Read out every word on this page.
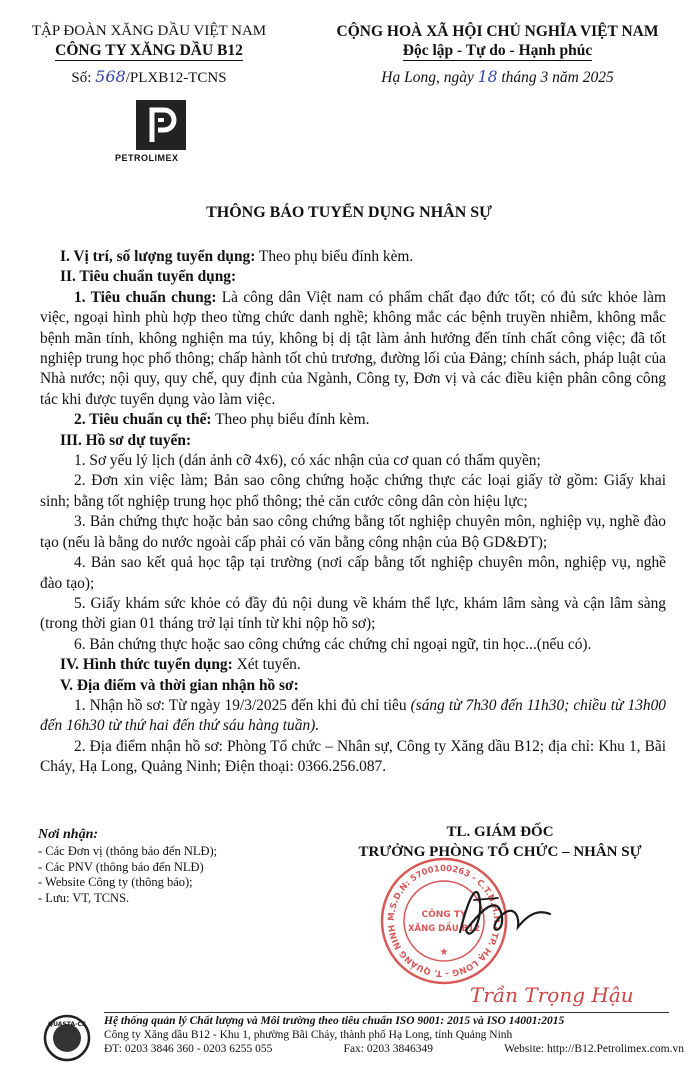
TẬP ĐOÀN XĂNG DẦU VIỆT NAM
CÔNG TY XĂNG DẦU B12
Số: 568/PLXB12-TCNS
PETROLIMEX
CỘNG HOÀ XÃ HỘI CHỦ NGHĨA VIỆT NAM
Độc lập - Tự do - Hạnh phúc
Hạ Long, ngày 18 tháng 3 năm 2025
THÔNG BÁO TUYỂN DỤNG NHÂN SỰ
I. Vị trí, số lượng tuyển dụng: Theo phụ biểu đính kèm.
II. Tiêu chuẩn tuyển dụng:
1. Tiêu chuẩn chung: Là công dân Việt nam có phẩm chất đạo đức tốt; có đủ sức khỏe làm việc, ngoại hình phù hợp theo từng chức danh nghề; không mắc các bệnh truyền nhiễm, không mắc bệnh mãn tính, không nghiện ma túy, không bị dị tật làm ảnh hưởng đến tính chất công việc; đã tốt nghiệp trung học phổ thông; chấp hành tốt chủ trương, đường lối của Đảng; chính sách, pháp luật của Nhà nước; nội quy, quy chế, quy định của Ngành, Công ty, Đơn vị và các điều kiện phân công công tác khi được tuyển dụng vào làm việc.
2. Tiêu chuẩn cụ thể: Theo phụ biểu đính kèm.
III. Hồ sơ dự tuyển:
1. Sơ yếu lý lịch (dán ảnh cỡ 4x6), có xác nhận của cơ quan có thẩm quyền;
2. Đơn xin việc làm; Bản sao công chứng hoặc chứng thực các loại giấy tờ gồm: Giấy khai sinh; bằng tốt nghiệp trung học phổ thông; thẻ căn cước công dân còn hiệu lực;
3. Bản chứng thực hoặc bản sao công chứng bằng tốt nghiệp chuyên môn, nghiệp vụ, nghề đào tạo (nếu là bằng do nước ngoài cấp phải có văn bằng công nhận của Bộ GD&ĐT);
4. Bản sao kết quả học tập tại trường (nơi cấp bằng tốt nghiệp chuyên môn, nghiệp vụ, nghề đào tạo);
5. Giấy khám sức khỏe có đầy đủ nội dung về khám thể lực, khám lâm sàng và cận lâm sàng (trong thời gian 01 tháng trở lại tính từ khi nộp hồ sơ);
6. Bản chứng thực hoặc sao công chứng các chứng chỉ ngoại ngữ, tin học...(nếu có).
IV. Hình thức tuyển dụng: Xét tuyển.
V. Địa điểm và thời gian nhận hồ sơ:
1. Nhận hồ sơ: Từ ngày 19/3/2025 đến khi đủ chỉ tiêu (sáng từ 7h30 đến 11h30; chiều từ 13h00 đến 16h30 từ thứ hai đến thứ sáu hàng tuần).
2. Địa điểm nhận hồ sơ: Phòng Tổ chức – Nhân sự, Công ty Xăng dầu B12; địa chỉ: Khu 1, Bãi Cháy, Hạ Long, Quảng Ninh; Điện thoại: 0366.256.087.
Nơi nhận:
- Các Đơn vị (thông báo đến NLĐ);
- Các PNV (thông báo đến NLĐ)
- Website Công ty (thông báo);
- Lưu: VT, TCNS.
TL. GIÁM ĐỐC
TRƯỞNG PHÒNG TỔ CHỨC – NHÂN SỰ
M.S.D.N: 5700100263 - C.T.N.H.H · TP. HẠ LONG - T. QUẢNG NINH
CÔNG TY
XĂNG DẦU B12
★
Trần Trọng Hậu
QUASTA-CE Hệ thống quản lý Chất lượng và Môi trường theo tiêu chuẩn ISO 9001: 2015 và ISO 14001:2015
Công ty Xăng dầu B12 - Khu 1, phường Bãi Cháy, thành phố Hạ Long, tỉnh Quảng Ninh
ĐT: 0203 3846 360 - 0203 6255 055	Fax: 0203 3846349	Website: http://B12.Petrolimex.com.vn
